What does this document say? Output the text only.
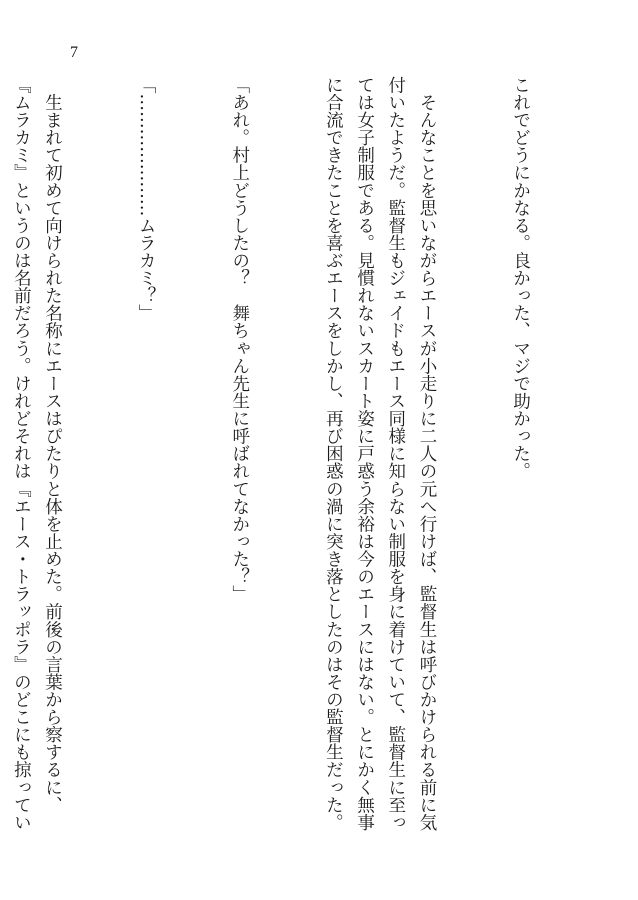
7

これでどうにかなる。良かった、マジで助かった。

　そんなことを思いながらエースが小走りに二人の元へ行けば、監督生は呼びかけられる前に気
付いたようだ。監督生もジェイドもエース同様に知らない制服を身に着けていて、監督生に至っ
ては女子制服である。見慣れないスカート姿に戸惑う余裕は今のエースにはない。とにかく無事
に合流できたことを喜ぶエースをしかし、再び困惑の渦に突き落としたのはその監督生だった。

「あれ。村上どうしたの？　舞ちゃん先生に呼ばれてなかった？」

「…………………ムラカミ？」

　生まれて初めて向けられた名称にエースはぴたりと体を止めた。前後の言葉から察するに、
『ムラカミ』というのは名前だろう。けれどそれは『エース・トラッポラ』のどこにも掠ってい
